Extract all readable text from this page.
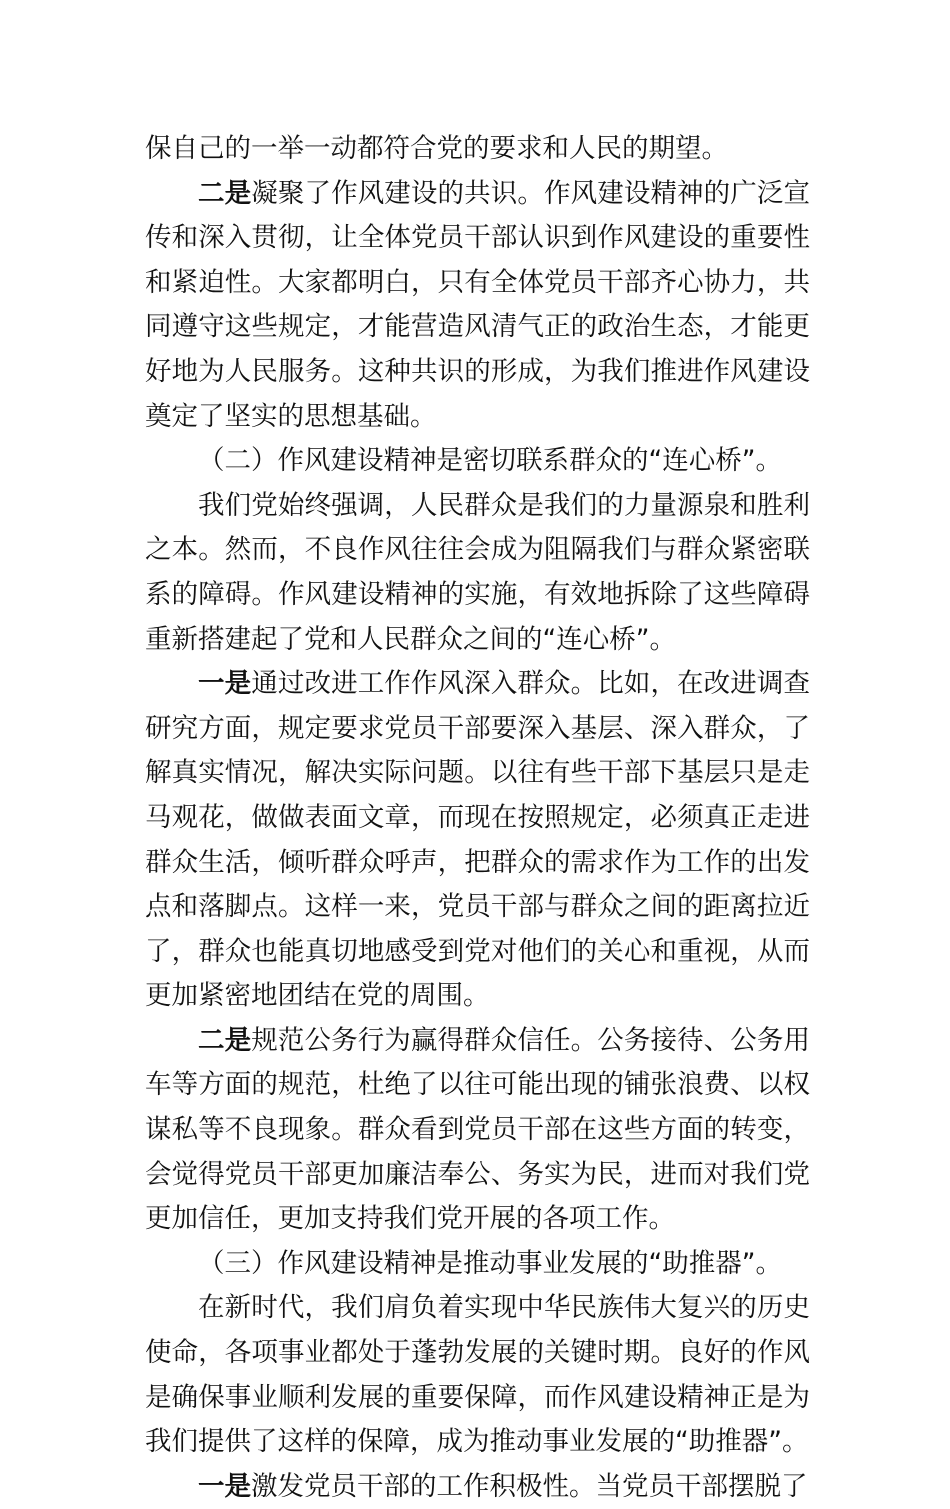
保自己的一举一动都符合党的要求和人民的期望。

二是凝聚了作风建设的共识。作风建设精神的广泛宣传和深入贯彻，让全体党员干部认识到作风建设的重要性和紧迫性。大家都明白，只有全体党员干部齐心协力，共同遵守这些规定，才能营造风清气正的政治生态，才能更好地为人民服务。这种共识的形成，为我们推进作风建设奠定了坚实的思想基础。

（二）作风建设精神是密切联系群众的“连心桥”。

我们党始终强调，人民群众是我们的力量源泉和胜利之本。然而，不良作风往往会成为阻隔我们与群众紧密联系的障碍。作风建设精神的实施，有效地拆除了这些障碍重新搭建起了党和人民群众之间的“连心桥”。

一是通过改进工作作风深入群众。比如，在改进调查研究方面，规定要求党员干部要深入基层、深入群众，了解真实情况，解决实际问题。以往有些干部下基层只是走马观花，做做表面文章，而现在按照规定，必须真正走进群众生活，倾听群众呼声，把群众的需求作为工作的出发点和落脚点。这样一来，党员干部与群众之间的距离拉近了，群众也能真切地感受到党对他们的关心和重视，从而更加紧密地团结在党的周围。

二是规范公务行为赢得群众信任。公务接待、公务用车等方面的规范，杜绝了以往可能出现的铺张浪费、以权谋私等不良现象。群众看到党员干部在这些方面的转变，会觉得党员干部更加廉洁奉公、务实为民，进而对我们党更加信任，更加支持我们党开展的各项工作。

（三）作风建设精神是推动事业发展的“助推器”。

在新时代，我们肩负着实现中华民族伟大复兴的历史使命，各项事业都处于蓬勃发展的关键时期。良好的作风是确保事业顺利发展的重要保障，而作风建设精神正是为我们提供了这样的保障，成为推动事业发展的“助推器”。

一是激发党员干部的工作积极性。当党员干部摆脱了
